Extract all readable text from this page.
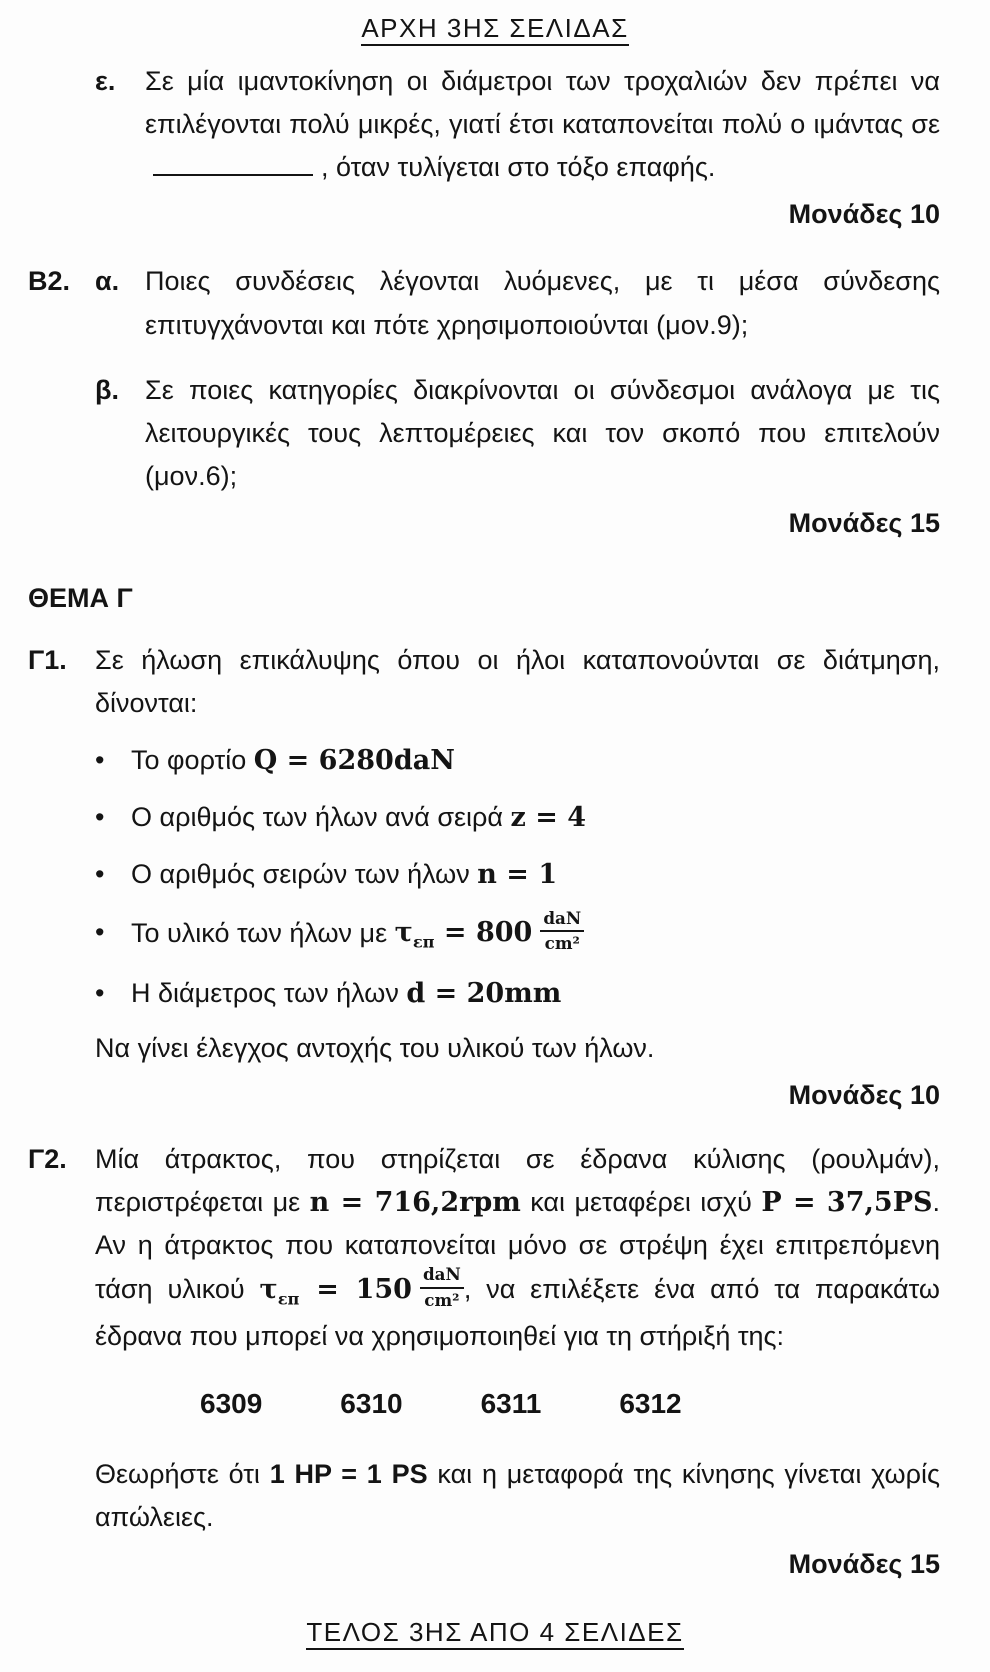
ΑΡΧΗ 3ΗΣ ΣΕΛΙΔΑΣ
ε.	Σε μία ιμαντοκίνηση οι διάμετροι των τροχαλιών δεν πρέπει να επιλέγονται πολύ μικρές, γιατί έτσι καταπονείται πολύ ο ιμάντας σε, όταν τυλίγεται στο τόξο επαφής.

Μονάδες 10
Β2. α. Ποιες συνδέσεις λέγονται λυόμενες, με τι μέσα σύνδεσης επιτυγχάνονται και πότε χρησιμοποιούνται (μον.9);

β. Σε ποιες κατηγορίες διακρίνονται οι σύνδεσμοι ανάλογα με τις λειτουργικές τους λεπτομέρειες και τον σκοπό που επιτελούν (μον.6);

Μονάδες 15
ΘΕΜΑ Γ
Γ1.	Σε ήλωση επικάλυψης όπου οι ήλοι καταπονούνται σε διάτμηση, δίνονται:

• Το φορτίο Q = 6280daN

• Ο αριθμός των ήλων ανά σειρά z = 4

• Ο αριθμός σειρών των ήλων n = 1

• Το υλικό των ήλων με $\tau_{\varepsilon\pi} = 800 \frac{\text{daN}}{\text{cm²}}$

• Η διάμετρος των ήλων d = 20mm

Να γίνει έλεγχος αντοχής του υλικού των ήλων.

Μονάδες 10
Γ2.	Μία άτρακτος, που στηρίζεται σε έδρανα κύλισης (ρουλμάν), περιστρέφεται με n = 716,2rpm και μεταφέρει ισχύ P = 37,5PS. Αν η άτρακτος που καταπονείται μόνο σε στρέψη έχει επιτρεπόμενη τάση υλικού $\tau_{\varepsilon\pi} = 150 \frac{\text{daN}}{\text{cm²}}$ , να επιλέξετε ένα από τα παρακάτω έδρανα που μπορεί να χρησιμοποιηθεί για τη στήριξή της:

6309	6310	6311	6312

Θεωρήστε ότι 1 HP = 1 PS και η μεταφορά της κίνησης γίνεται χωρίς απώλειες.

Μονάδες 15
ΤΕΛΟΣ 3ΗΣ ΑΠΟ 4 ΣΕΛΙΔΕΣ
